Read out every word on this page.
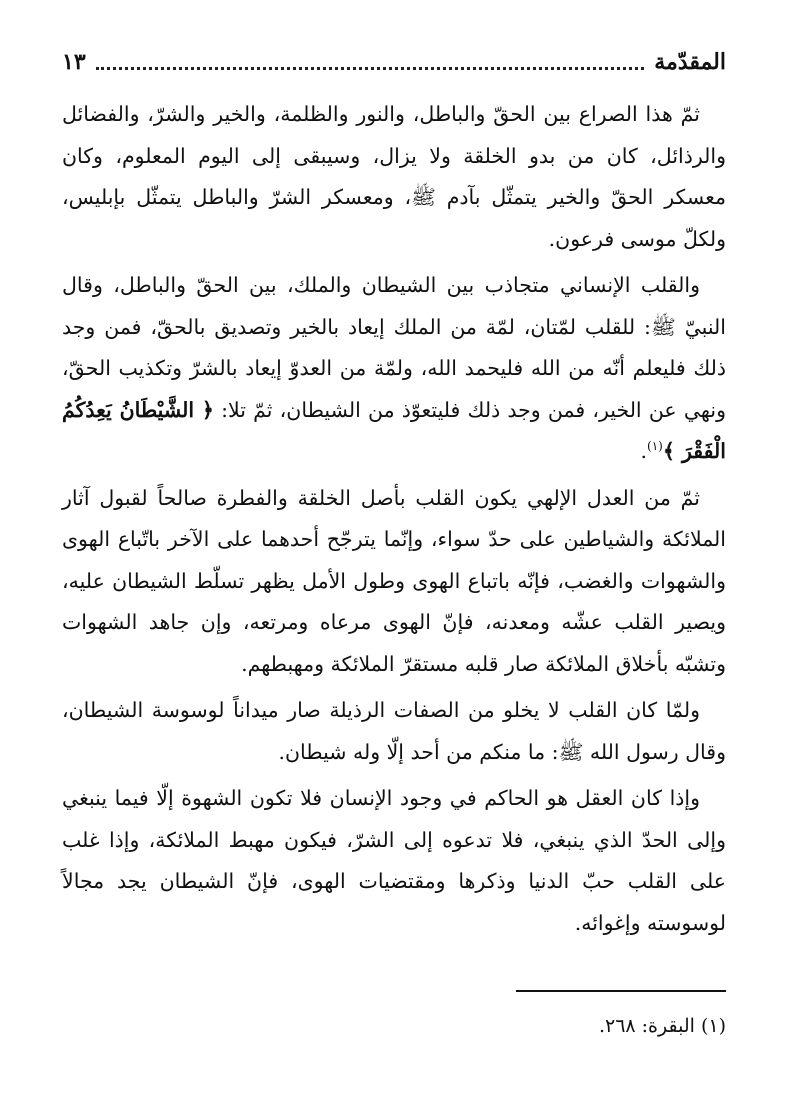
المقدّمة
١٣

ثمّ هذا الصراع بين الحقّ والباطل، والنور والظلمة، والخير والشرّ، والفضائل والرذائل، كان من بدو الخلقة ولا يزال، وسيبقى إلى اليوم المعلوم، وكان معسكر الحقّ والخير يتمثّل بآدم ﷺ، ومعسكر الشرّ والباطل يتمثّل بإبليس، ولكلّ موسى فرعون.

والقلب الإنساني متجاذب بين الشيطان والملك، بين الحقّ والباطل، وقال النبيّ ﷺ: للقلب لمّتان، لمّة من الملك إيعاد بالخير وتصديق بالحقّ، فمن وجد ذلك فليعلم أنّه من الله فليحمد الله، ولمّة من العدوّ إيعاد بالشرّ وتكذيب الحقّ، ونهي عن الخير، فمن وجد ذلك فليتعوّذ من الشيطان، ثمّ تلا: ﴿ الشَّيْطَانُ يَعِدُكُمُ الْفَقْرَ ﴾$^{(١)}$.

ثمّ من العدل الإلهي يكون القلب بأصل الخلقة والفطرة صالحاً لقبول آثار الملائكة والشياطين على حدّ سواء، وإنّما يترجّح أحدهما على الآخر باتّباع الهوى والشهوات والغضب، فإنّه باتباع الهوى وطول الأمل يظهر تسلّط الشيطان عليه، ويصير القلب عشّه ومعدنه، فإنّ الهوى مرعاه ومرتعه، وإن جاهد الشهوات وتشبّه بأخلاق الملائكة صار قلبه مستقرّ الملائكة ومهبطهم.

ولمّا كان القلب لا يخلو من الصفات الرذيلة صار ميداناً لوسوسة الشيطان، وقال رسول الله ﷺ: ما منكم من أحد إلّا وله شيطان.

وإذا كان العقل هو الحاكم في وجود الإنسان فلا تكون الشهوة إلّا فيما ينبغي وإلى الحدّ الذي ينبغي، فلا تدعوه إلى الشرّ، فيكون مهبط الملائكة، وإذا غلب على القلب حبّ الدنيا وذكرها ومقتضيات الهوى، فإنّ الشيطان يجد مجالاً لوسوسته وإغوائه.

(١) البقرة: ٢٦٨.
